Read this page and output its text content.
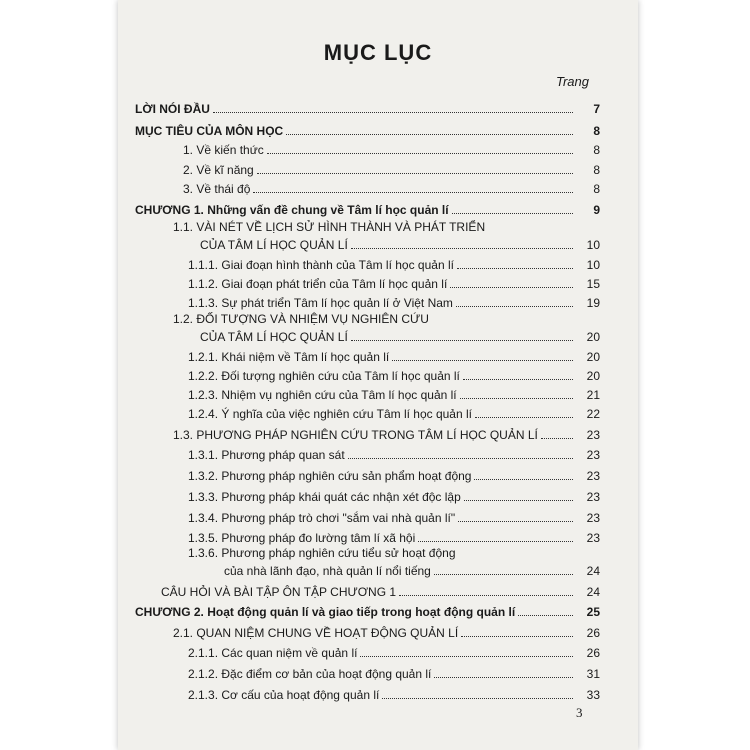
MỤC LỤC
Trang
LỜI NÓI ĐẦU	7
MỤC TIÊU CỦA MÔN HỌC	8
1. Về kiến thức	8
2. Về kĩ năng	8
3. Về thái độ	8
CHƯƠNG 1. Những vấn đề chung về Tâm lí học quản lí	9
1.1. VÀI NÉT VỀ LỊCH SỬ HÌNH THÀNH VÀ PHÁT TRIỂN
CỦA TÂM LÍ HỌC QUẢN LÍ	10
1.1.1. Giai đoạn hình thành của Tâm lí học quản lí	10
1.1.2. Giai đoạn phát triển của Tâm lí học quản lí	15
1.1.3. Sự phát triển Tâm lí học quản lí ở Việt Nam	19
1.2. ĐỐI TƯỢNG VÀ NHIỆM VỤ NGHIÊN CỨU
CỦA TÂM LÍ HỌC QUẢN LÍ	20
1.2.1. Khái niệm về Tâm lí học quản lí	20
1.2.2. Đối tượng nghiên cứu của Tâm lí học quản lí	20
1.2.3. Nhiệm vụ nghiên cứu của Tâm lí học quản lí	21
1.2.4. Ý nghĩa của việc nghiên cứu Tâm lí học quản lí	22
1.3. PHƯƠNG PHÁP NGHIÊN CỨU TRONG TÂM LÍ HỌC QUẢN LÍ	23
1.3.1. Phương pháp quan sát	23
1.3.2. Phương pháp nghiên cứu sản phẩm hoạt động	23
1.3.3. Phương pháp khái quát các nhận xét độc lập	23
1.3.4. Phương pháp trò chơi "sắm vai nhà quản lí"	23
1.3.5. Phương pháp đo lường tâm lí xã hội	23
1.3.6. Phương pháp nghiên cứu tiểu sử hoạt động
của nhà lãnh đạo, nhà quản lí nổi tiếng	24
CÂU HỎI VÀ BÀI TẬP ÔN TẬP CHƯƠNG 1	24
CHƯƠNG 2. Hoạt động quản lí và giao tiếp trong hoạt động quản lí	25
2.1. QUAN NIỆM CHUNG VỀ HOẠT ĐỘNG QUẢN LÍ	26
2.1.1. Các quan niệm về quản lí	26
2.1.2. Đặc điểm cơ bản của hoạt động quản lí	31
2.1.3. Cơ cấu của hoạt động quản lí	33
3
